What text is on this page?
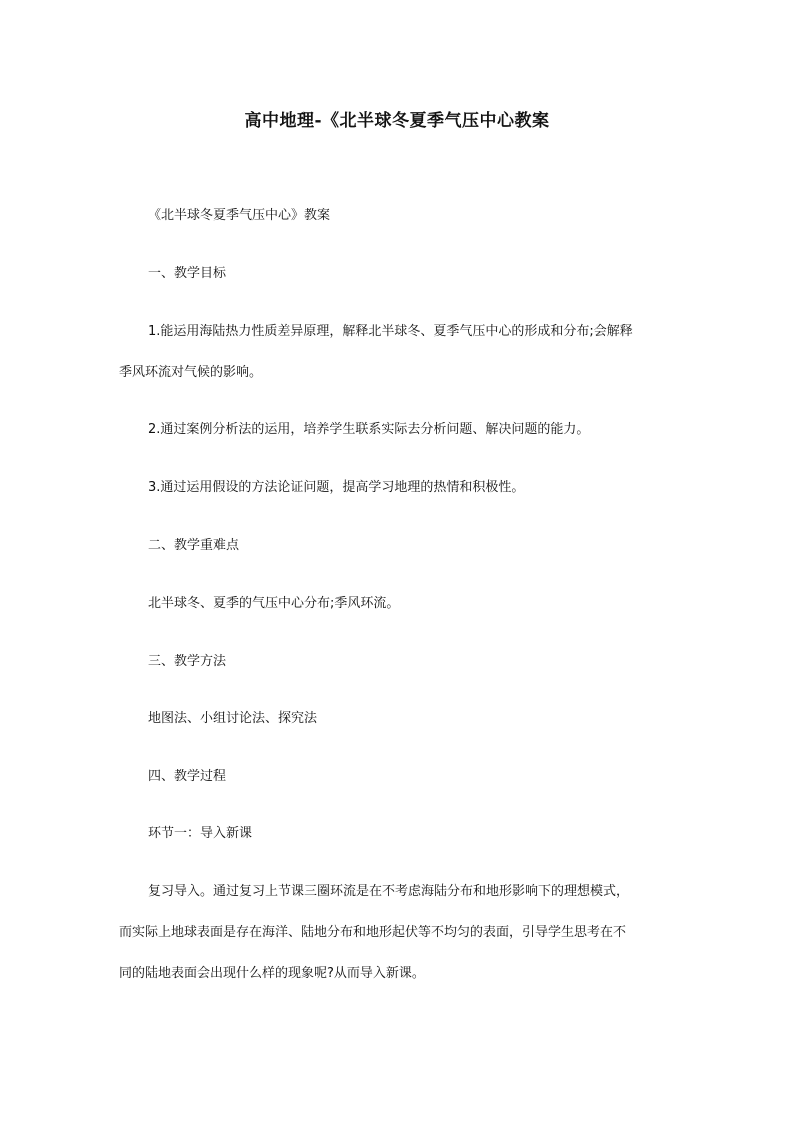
高中地理-《北半球冬夏季气压中心教案
《北半球冬夏季气压中心》教案
一、教学目标
1.能运用海陆热力性质差异原理，解释北半球冬、夏季气压中心的形成和分布;会解释
季风环流对气候的影响。
2.通过案例分析法的运用，培养学生联系实际去分析问题、解决问题的能力。
3.通过运用假设的方法论证问题，提高学习地理的热情和积极性。
二、教学重难点
北半球冬、夏季的气压中心分布;季风环流。
三、教学方法
地图法、小组讨论法、探究法
四、教学过程
环节一：导入新课
复习导入。通过复习上节课三圈环流是在不考虑海陆分布和地形影响下的理想模式，
而实际上地球表面是存在海洋、陆地分布和地形起伏等不均匀的表面，引导学生思考在不
同的陆地表面会出现什么样的现象呢?从而导入新课。
